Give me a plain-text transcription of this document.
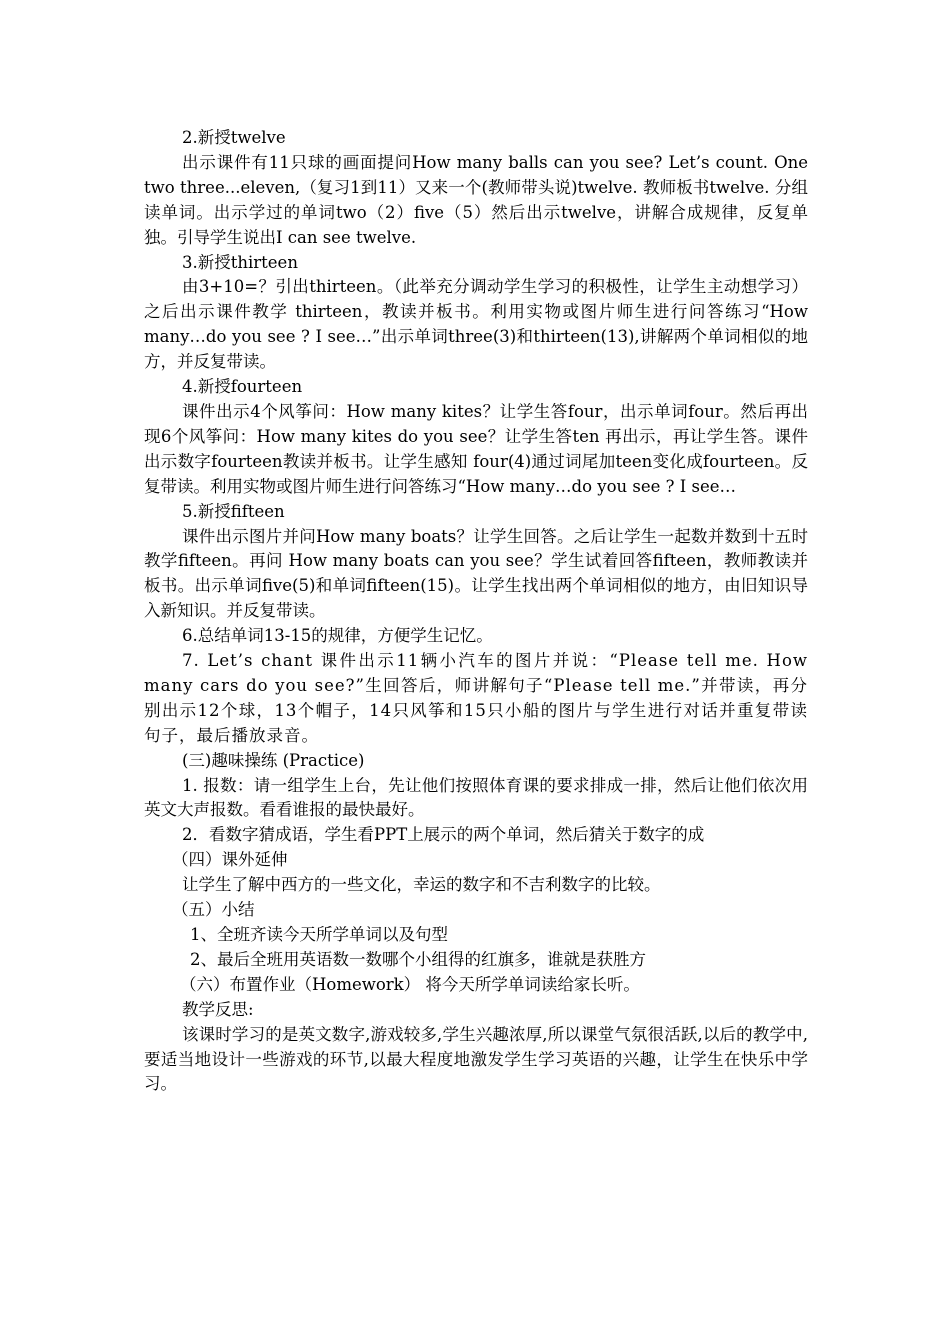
2.新授twelve

出示课件有11只球的画面提问How many balls can you see? Let’s count. One two three...eleven,（复习1到11）又来一个(教师带头说)twelve. 教师板书twelve. 分组读单词。出示学过的单词two（2）five（5）然后出示twelve，讲解合成规律，反复单独。引导学生说出I can see twelve.

3.新授thirteen

由3+10=？引出thirteen。（此举充分调动学生学习的积极性，让学生主动想学习）之后出示课件教学 thirteen，教读并板书。利用实物或图片师生进行问答练习“How many…do you see ? I see…”出示单词three(3)和thirteen(13),讲解两个单词相似的地方，并反复带读。

4.新授fourteen

课件出示4个风筝问：How many kites？让学生答four，出示单词four。然后再出现6个风筝问：How many kites do you see？让学生答ten 再出示，再让学生答。课件出示数字fourteen教读并板书。让学生感知 four(4)通过词尾加teen变化成fourteen。反复带读。利用实物或图片师生进行问答练习“How many…do you see ? I see…

5.新授fifteen

课件出示图片并问How many boats？让学生回答。之后让学生一起数并数到十五时教学fifteen。再问 How many boats can you see？学生试着回答fifteen，教师教读并板书。出示单词five(5)和单词fifteen(15)。让学生找出两个单词相似的地方，由旧知识导入新知识。并反复带读。

6.总结单词13-15的规律，方便学生记忆。

7. Let’s chant 课件出示11辆小汽车的图片并说：“Please tell me. How many cars do you see?”生回答后，师讲解句子“Please tell me.”并带读，再分别出示12个球，13个帽子，14只风筝和15只小船的图片与学生进行对话并重复带读句子，最后播放录音。

(三)趣味操练 (Practice)

1. 报数：请一组学生上台，先让他们按照体育课的要求排成一排，然后让他们依次用英文大声报数。看看谁报的最快最好。

2．看数字猜成语，学生看PPT上展示的两个单词，然后猜关于数字的成

（四）课外延伸

让学生了解中西方的一些文化，幸运的数字和不吉利数字的比较。

（五）小结

1、全班齐读今天所学单词以及句型

2、最后全班用英语数一数哪个小组得的红旗多，谁就是获胜方

（六）布置作业（Homework） 将今天所学单词读给家长听。

教学反思:

该课时学习的是英文数字,游戏较多,学生兴趣浓厚,所以课堂气氛很活跃,以后的教学中,要适当地设计一些游戏的环节,以最大程度地激发学生学习英语的兴趣，让学生在快乐中学习。
